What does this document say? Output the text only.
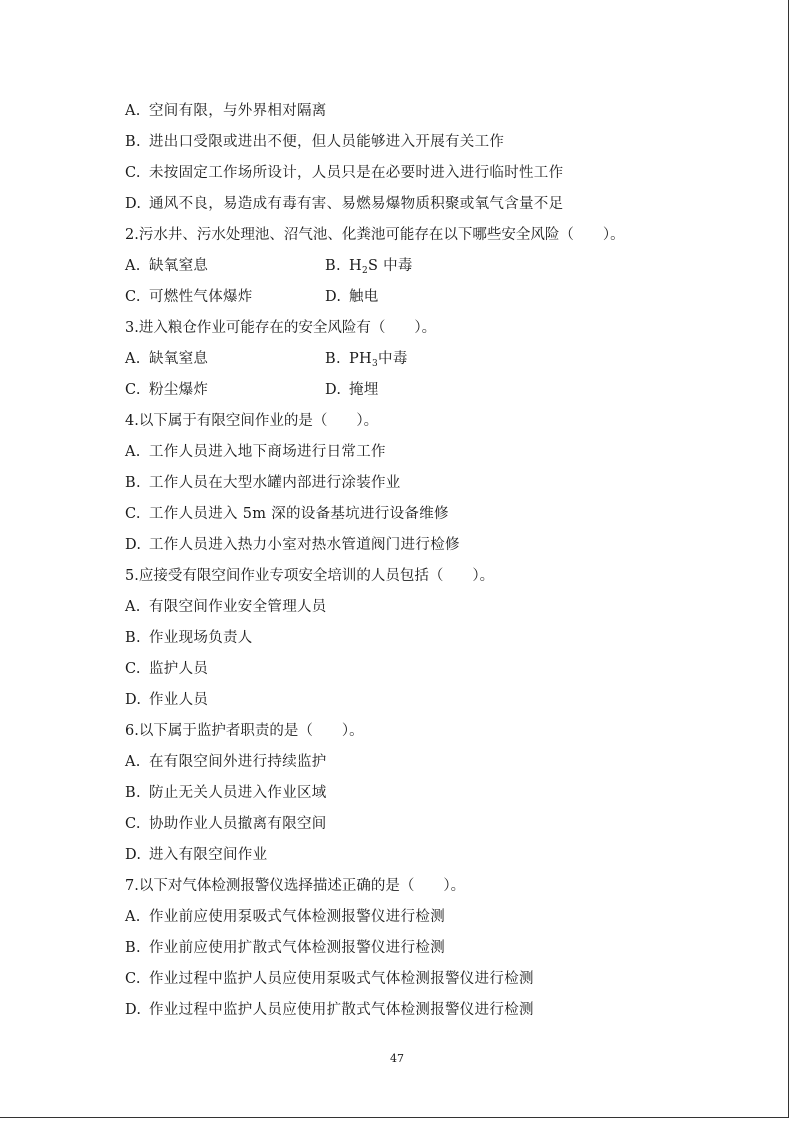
A. 空间有限，与外界相对隔离
B. 进出口受限或进出不便，但人员能够进入开展有关工作
C. 未按固定工作场所设计，人员只是在必要时进入进行临时性工作
D. 通风不良，易造成有毒有害、易燃易爆物质积聚或氧气含量不足
2.污水井、污水处理池、沼气池、化粪池可能存在以下哪些安全风险（　　）。
A. 缺氧窒息	B. $H_2S$ 中毒
C. 可燃性气体爆炸	D. 触电
3.进入粮仓作业可能存在的安全风险有（　　）。
A. 缺氧窒息	B. $PH_3$中毒
C. 粉尘爆炸	D. 掩埋
4.以下属于有限空间作业的是（　　）。
A. 工作人员进入地下商场进行日常工作
B. 工作人员在大型水罐内部进行涂装作业
C. 工作人员进入 5m 深的设备基坑进行设备维修
D. 工作人员进入热力小室对热水管道阀门进行检修
5.应接受有限空间作业专项安全培训的人员包括（　　）。
A. 有限空间作业安全管理人员
B. 作业现场负责人
C. 监护人员
D. 作业人员
6.以下属于监护者职责的是（　　）。
A. 在有限空间外进行持续监护
B. 防止无关人员进入作业区域
C. 协助作业人员撤离有限空间
D. 进入有限空间作业
7.以下对气体检测报警仪选择描述正确的是（　　）。
A. 作业前应使用泵吸式气体检测报警仪进行检测
B. 作业前应使用扩散式气体检测报警仪进行检测
C. 作业过程中监护人员应使用泵吸式气体检测报警仪进行检测
D. 作业过程中监护人员应使用扩散式气体检测报警仪进行检测
47
